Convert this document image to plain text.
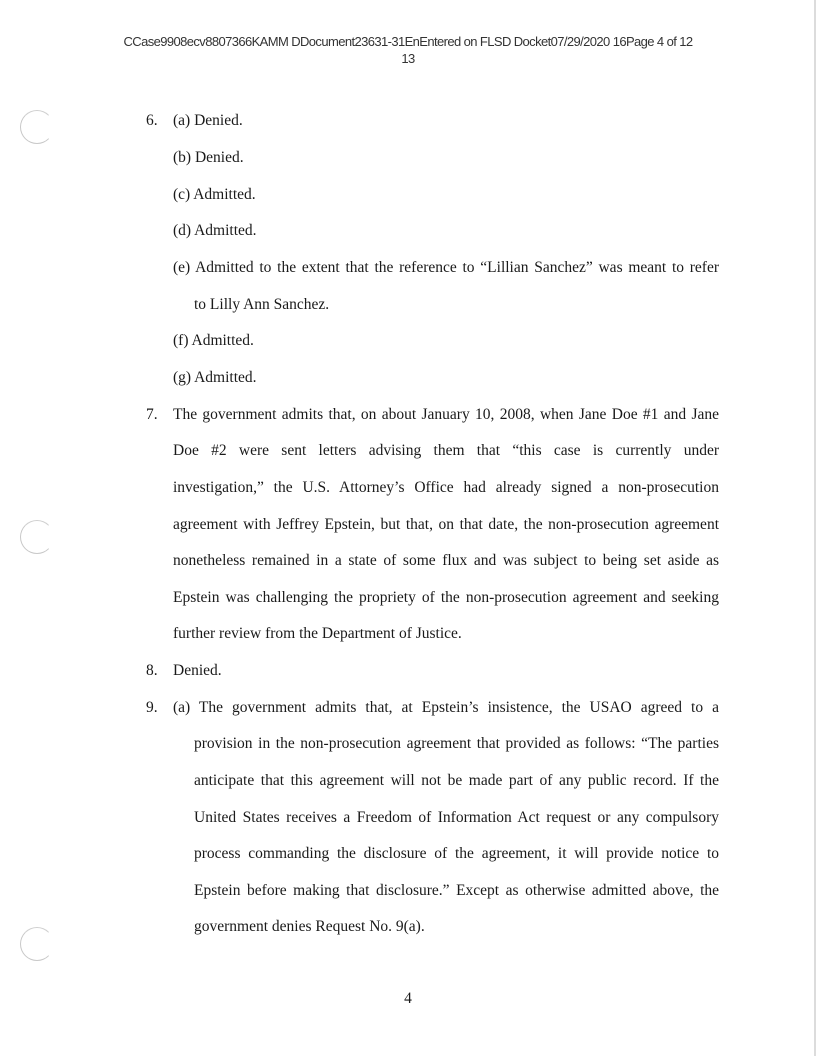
CCase9908ecv8807366KAMM DDocument23631-31EnEntered on FLSD Docket07/29/2020 16Page 4 of 12
13
6. (a) Denied.
(b) Denied.
(c) Admitted.
(d) Admitted.
(e) Admitted to the extent that the reference to “Lillian Sanchez” was meant to refer
to Lilly Ann Sanchez.
(f) Admitted.
(g) Admitted.
7. The government admits that, on about January 10, 2008, when Jane Doe #1 and Jane
Doe #2 were sent letters advising them that “this case is currently under
investigation,” the U.S. Attorney’s Office had already signed a non-prosecution
agreement with Jeffrey Epstein, but that, on that date, the non-prosecution agreement
nonetheless remained in a state of some flux and was subject to being set aside as
Epstein was challenging the propriety of the non-prosecution agreement and seeking
further review from the Department of Justice.
8. Denied.
9. (a) The government admits that, at Epstein’s insistence, the USAO agreed to a
provision in the non-prosecution agreement that provided as follows: “The parties
anticipate that this agreement will not be made part of any public record. If the
United States receives a Freedom of Information Act request or any compulsory
process commanding the disclosure of the agreement, it will provide notice to
Epstein before making that disclosure.” Except as otherwise admitted above, the
government denies Request No. 9(a).
4
